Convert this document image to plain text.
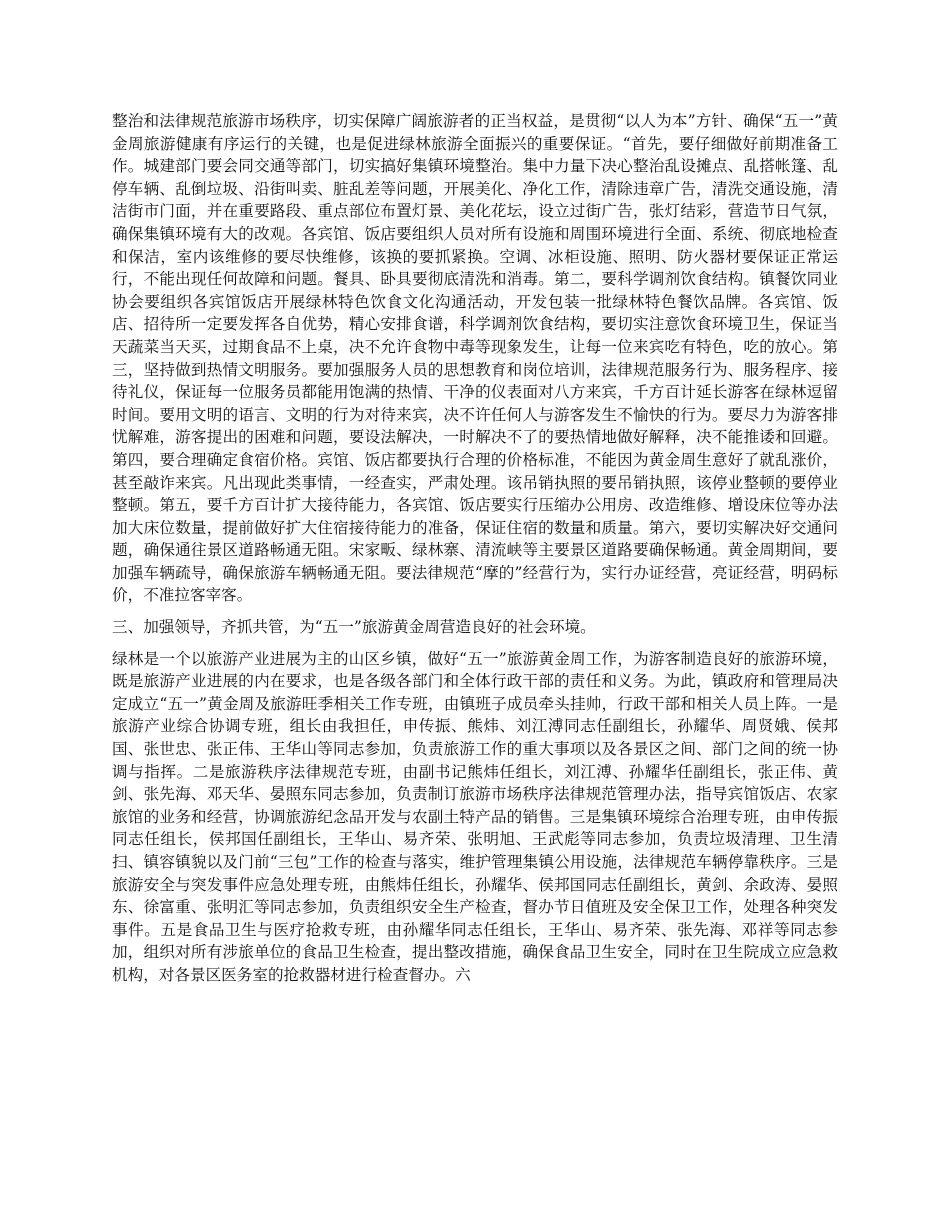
整治和法律规范旅游市场秩序，切实保障广阔旅游者的正当权益，是贯彻“以人为本”方针、确保“五一”黄金周旅游健康有序运行的关键，也是促进绿林旅游全面振兴的重要保证。“首先，要仔细做好前期准备工作。城建部门要会同交通等部门，切实搞好集镇环境整治。集中力量下决心整治乱设摊点、乱搭帐篷、乱停车辆、乱倒垃圾、沿街叫卖、脏乱差等问题，开展美化、净化工作，清除违章广告，清洗交通设施，清洁街市门面，并在重要路段、重点部位布置灯景、美化花坛，设立过街广告，张灯结彩，营造节日气氛，确保集镇环境有大的改观。各宾馆、饭店要组织人员对所有设施和周围环境进行全面、系统、彻底地检查和保洁，室内该维修的要尽快维修，该换的要抓紧换。空调、冰柜设施、照明、防火器材要保证正常运行，不能出现任何故障和问题。餐具、卧具要彻底清洗和消毒。第二，要科学调剂饮食结构。镇餐饮同业协会要组织各宾馆饭店开展绿林特色饮食文化沟通活动，开发包装一批绿林特色餐饮品牌。各宾馆、饭店、招待所一定要发挥各自优势，精心安排食谱，科学调剂饮食结构，要切实注意饮食环境卫生，保证当天蔬菜当天买，过期食品不上桌，决不允许食物中毒等现象发生，让每一位来宾吃有特色，吃的放心。第三，坚持做到热情文明服务。要加强服务人员的思想教育和岗位培训，法律规范服务行为、服务程序、接待礼仪，保证每一位服务员都能用饱满的热情、干净的仪表面对八方来宾，千方百计延长游客在绿林逗留时间。要用文明的语言、文明的行为对待来宾，决不许任何人与游客发生不愉快的行为。要尽力为游客排忧解难，游客提出的困难和问题，要设法解决，一时解决不了的要热情地做好解释，决不能推诿和回避。第四，要合理确定食宿价格。宾馆、饭店都要执行合理的价格标准，不能因为黄金周生意好了就乱涨价，甚至敲诈来宾。凡出现此类事情，一经查实，严肃处理。该吊销执照的要吊销执照，该停业整顿的要停业整顿。第五，要千方百计扩大接待能力，各宾馆、饭店要实行压缩办公用房、改造维修、增设床位等办法加大床位数量，提前做好扩大住宿接待能力的准备，保证住宿的数量和质量。第六，要切实解决好交通问题，确保通往景区道路畅通无阻。宋家畈、绿林寨、清流峡等主要景区道路要确保畅通。黄金周期间，要加强车辆疏导，确保旅游车辆畅通无阻。要法律规范“摩的”经营行为，实行办证经营，亮证经营，明码标价，不准拉客宰客。

三、加强领导，齐抓共管，为“五一”旅游黄金周营造良好的社会环境。

绿林是一个以旅游产业进展为主的山区乡镇，做好“五一”旅游黄金周工作，为游客制造良好的旅游环境，既是旅游产业进展的内在要求，也是各级各部门和全体行政干部的责任和义务。为此，镇政府和管理局决定成立“五一”黄金周及旅游旺季相关工作专班，由镇班子成员牵头挂帅，行政干部和相关人员上阵。一是旅游产业综合协调专班，组长由我担任，申传振、熊炜、刘江溥同志任副组长，孙耀华、周贤娥、侯邦国、张世忠、张正伟、王华山等同志参加，负责旅游工作的重大事项以及各景区之间、部门之间的统一协调与指挥。二是旅游秩序法律规范专班，由副书记熊炜任组长，刘江溥、孙耀华任副组长，张正伟、黄剑、张先海、邓天华、晏照东同志参加，负责制订旅游市场秩序法律规范管理办法，指导宾馆饭店、农家旅馆的业务和经营，协调旅游纪念品开发与农副土特产品的销售。三是集镇环境综合治理专班，由申传振同志任组长，侯邦国任副组长，王华山、易齐荣、张明旭、王武彪等同志参加，负责垃圾清理、卫生清扫、镇容镇貌以及门前“三包”工作的检查与落实，维护管理集镇公用设施，法律规范车辆停靠秩序。三是旅游安全与突发事件应急处理专班，由熊炜任组长，孙耀华、侯邦国同志任副组长，黄剑、余政涛、晏照东、徐富重、张明汇等同志参加，负责组织安全生产检查，督办节日值班及安全保卫工作，处理各种突发事件。五是食品卫生与医疗抢救专班，由孙耀华同志任组长，王华山、易齐荣、张先海、邓祥等同志参加，组织对所有涉旅单位的食品卫生检查，提出整改措施，确保食品卫生安全，同时在卫生院成立应急救机构，对各景区医务室的抢救器材进行检查督办。六
